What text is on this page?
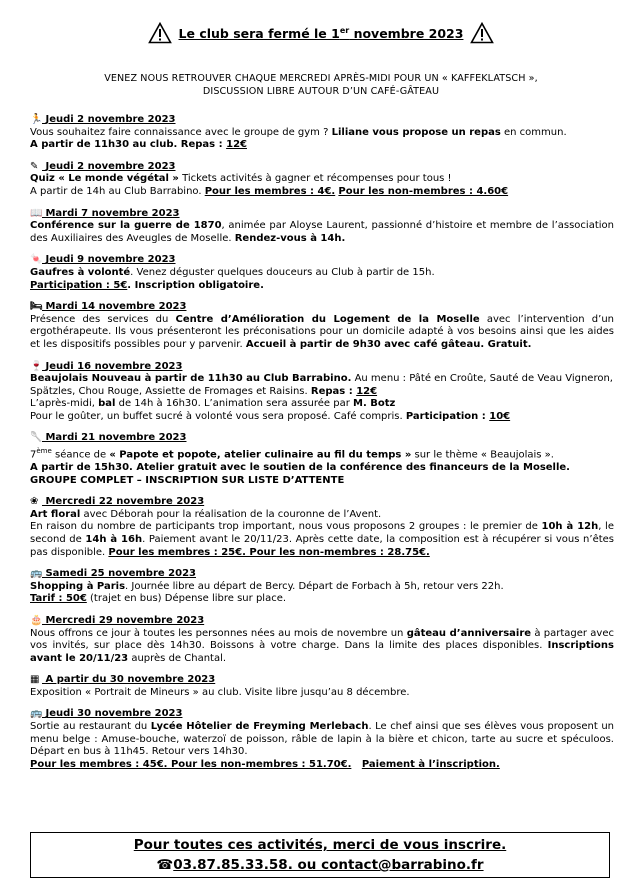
Le club sera fermé le 1er novembre 2023
VENEZ NOUS RETROUVER CHAQUE MERCREDI APRÈS-MIDI POUR UN « KAFFEKLATSCH »,
DISCUSSION LIBRE AUTOUR D’UN CAFÉ-GÂTEAU
🏃 Jeudi 2 novembre 2023

Vous souhaitez faire connaissance avec le groupe de gym ? Liliane vous propose un repas en commun.

A partir de 11h30 au club. Repas : 12€

✎ Jeudi 2 novembre 2023

Quiz « Le monde végétal » Tickets activités à gagner et récompenses pour tous !

A partir de 14h au Club Barrabino. Pour les membres : 4€. Pour les non-membres : 4.60€

📖 Mardi 7 novembre 2023

Conférence sur la guerre de 1870, animée par Aloyse Laurent, passionné d’histoire et membre de l’association des Auxiliaires des Aveugles de Moselle. Rendez-vous à 14h.

🍬 Jeudi 9 novembre 2023

Gaufres à volonté. Venez déguster quelques douceurs au Club à partir de 15h.

Participation : 5€. Inscription obligatoire.

🛏 Mardi 14 novembre 2023

Présence des services du Centre d’Amélioration du Logement de la Moselle avec l’intervention d’un ergothérapeute. Ils vous présenteront les préconisations pour un domicile adapté à vos besoins ainsi que les aides et les dispositifs possibles pour y parvenir. Accueil à partir de 9h30 avec café gâteau. Gratuit.

🍷 Jeudi 16 novembre 2023

Beaujolais Nouveau à partir de 11h30 au Club Barrabino. Au menu : Pâté en Croûte, Sauté de Veau Vigneron, Spätzles, Chou Rouge, Assiette de Fromages et Raisins. Repas : 12€

L’après-midi, bal de 14h à 16h30. L’animation sera assurée par M. Botz

Pour le goûter, un buffet sucré à volonté vous sera proposé. Café compris. Participation : 10€

🥄 Mardi 21 novembre 2023

7ème séance de « Papote et popote, atelier culinaire au fil du temps » sur le thème « Beaujolais ».

A partir de 15h30. Atelier gratuit avec le soutien de la conférence des financeurs de la Moselle.

GROUPE COMPLET – INSCRIPTION SUR LISTE D’ATTENTE

❀ Mercredi 22 novembre 2023

Art floral avec Déborah pour la réalisation de la couronne de l’Avent.

En raison du nombre de participants trop important, nous vous proposons 2 groupes : le premier de 10h à 12h, le second de 14h à 16h. Paiement avant le 20/11/23. Après cette date, la composition est à récupérer si vous n’êtes pas disponible. Pour les membres : 25€. Pour les non-membres : 28.75€.

🚌 Samedi 25 novembre 2023

Shopping à Paris. Journée libre au départ de Bercy. Départ de Forbach à 5h, retour vers 22h.

Tarif : 50€ (trajet en bus) Dépense libre sur place.

🎂 Mercredi 29 novembre 2023

Nous offrons ce jour à toutes les personnes nées au mois de novembre un gâteau d’anniversaire à partager avec vos invités, sur place dès 14h30. Boissons à votre charge. Dans la limite des places disponibles. Inscriptions avant le 20/11/23 auprès de Chantal.

▦ A partir du 30 novembre 2023

Exposition « Portrait de Mineurs » au club. Visite libre jusqu’au 8 décembre.

🚌 Jeudi 30 novembre 2023

Sortie au restaurant du Lycée Hôtelier de Freyming Merlebach. Le chef ainsi que ses élèves vous proposent un menu belge : Amuse-bouche, waterzoï de poisson, râble de lapin à la bière et chicon, tarte au sucre et spéculoos. Départ en bus à 11h45. Retour vers 14h30.

Pour les membres : 45€. Pour les non-membres : 51.70€. Paiement à l’inscription.

Pour toutes ces activités, merci de vous inscrire.
☎03.87.85.33.58. ou contact@barrabino.fr
